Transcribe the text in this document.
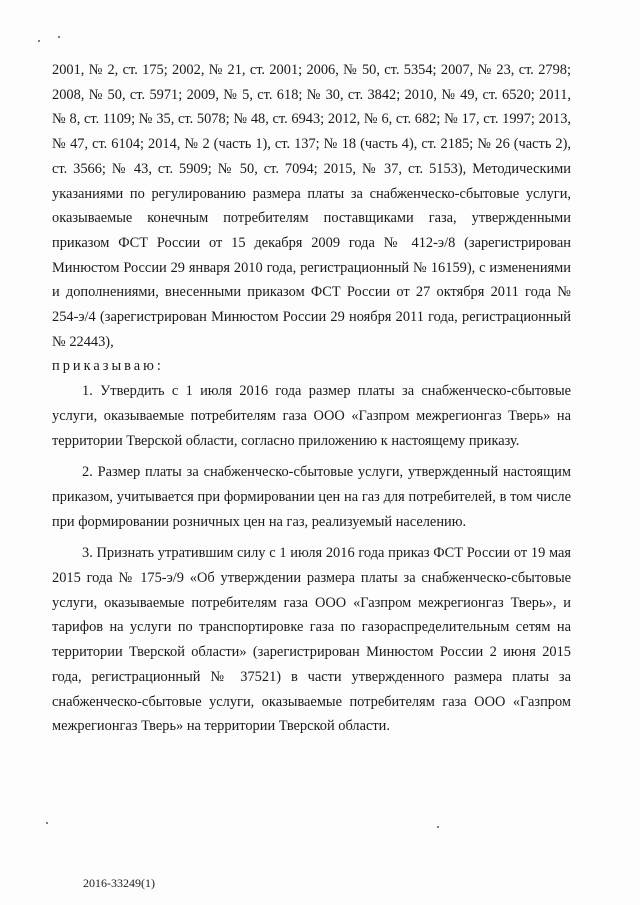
2001, № 2, ст. 175; 2002, № 21, ст. 2001; 2006, № 50, ст. 5354; 2007, № 23, ст. 2798; 2008, № 50, ст. 5971; 2009, № 5, ст. 618; № 30, ст. 3842; 2010, № 49, ст. 6520; 2011, № 8, ст. 1109; № 35, ст. 5078; № 48, ст. 6943; 2012, № 6, ст. 682; № 17, ст. 1997; 2013, № 47, ст. 6104; 2014, № 2 (часть 1), ст. 137; № 18 (часть 4), ст. 2185; № 26 (часть 2), ст. 3566; № 43, ст. 5909; № 50, ст. 7094; 2015, № 37, ст. 5153), Методическими указаниями по регулированию размера платы за снабженческо-сбытовые услуги, оказываемые конечным потребителям поставщиками газа, утвержденными приказом ФСТ России от 15 декабря 2009 года № 412-э/8 (зарегистрирован Минюстом России 29 января 2010 года, регистрационный № 16159), с изменениями и дополнениями, внесенными приказом ФСТ России от 27 октября 2011 года № 254-э/4 (зарегистрирован Минюстом России 29 ноября 2011 года, регистрационный № 22443),

приказываю:

1. Утвердить с 1 июля 2016 года размер платы за снабженческо-сбытовые услуги, оказываемые потребителям газа ООО «Газпром межрегионгаз Тверь» на территории Тверской области, согласно приложению к настоящему приказу.

2. Размер платы за снабженческо-сбытовые услуги, утвержденный настоящим приказом, учитывается при формировании цен на газ для потребителей, в том числе при формировании розничных цен на газ, реализуемый населению.

3. Признать утратившим силу с 1 июля 2016 года приказ ФСТ России от 19 мая 2015 года № 175-э/9 «Об утверждении размера платы за снабженческо-сбытовые услуги, оказываемые потребителям газа ООО «Газпром межрегионгаз Тверь», и тарифов на услуги по транспортировке газа по газораспределительным сетям на территории Тверской области» (зарегистрирован Минюстом России 2 июня 2015 года, регистрационный № 37521) в части утвержденного размера платы за снабженческо-сбытовые услуги, оказываемые потребителям газа ООО «Газпром межрегионгаз Тверь» на территории Тверской области.

2016-33249(1)
